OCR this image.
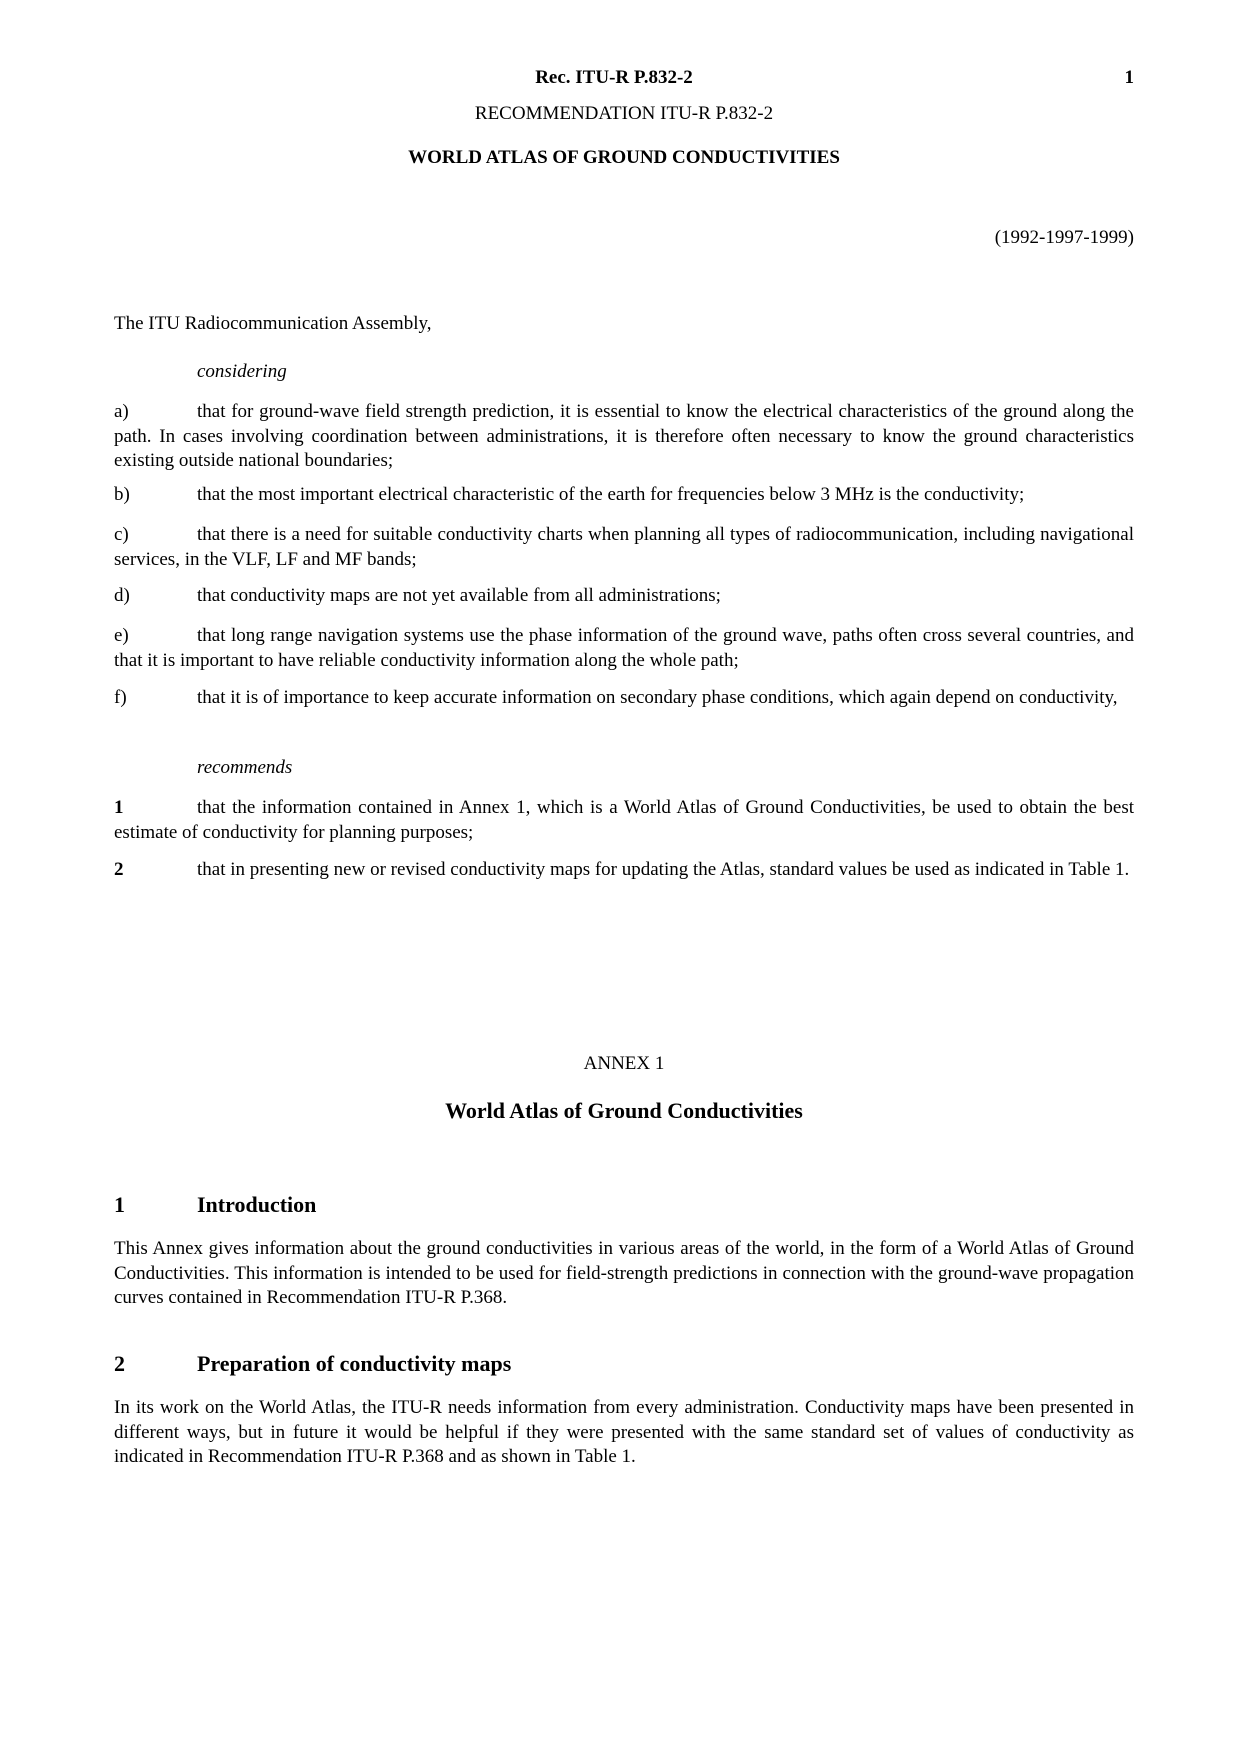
Rec. ITU-R P.832-2	1
RECOMMENDATION ITU-R P.832-2
WORLD ATLAS OF GROUND CONDUCTIVITIES
(1992-1997-1999)
The ITU Radiocommunication Assembly,
considering
a)	that for ground-wave field strength prediction, it is essential to know the electrical characteristics of the ground along the path. In cases involving coordination between administrations, it is therefore often necessary to know the ground characteristics existing outside national boundaries;
b)	that the most important electrical characteristic of the earth for frequencies below 3 MHz is the conductivity;
c)	that there is a need for suitable conductivity charts when planning all types of radiocommunication, including navigational services, in the VLF, LF and MF bands;
d)	that conductivity maps are not yet available from all administrations;
e)	that long range navigation systems use the phase information of the ground wave, paths often cross several countries, and that it is important to have reliable conductivity information along the whole path;
f)	that it is of importance to keep accurate information on secondary phase conditions, which again depend on conductivity,
recommends
1	that the information contained in Annex 1, which is a World Atlas of Ground Conductivities, be used to obtain the best estimate of conductivity for planning purposes;
2	that in presenting new or revised conductivity maps for updating the Atlas, standard values be used as indicated in Table 1.
ANNEX 1
World Atlas of Ground Conductivities
1	Introduction
This Annex gives information about the ground conductivities in various areas of the world, in the form of a World Atlas of Ground Conductivities. This information is intended to be used for field-strength predictions in connection with the ground-wave propagation curves contained in Recommendation ITU-R P.368.
2	Preparation of conductivity maps
In its work on the World Atlas, the ITU-R needs information from every administration. Conductivity maps have been presented in different ways, but in future it would be helpful if they were presented with the same standard set of values of conductivity as indicated in Recommendation ITU-R P.368 and as shown in Table 1.
